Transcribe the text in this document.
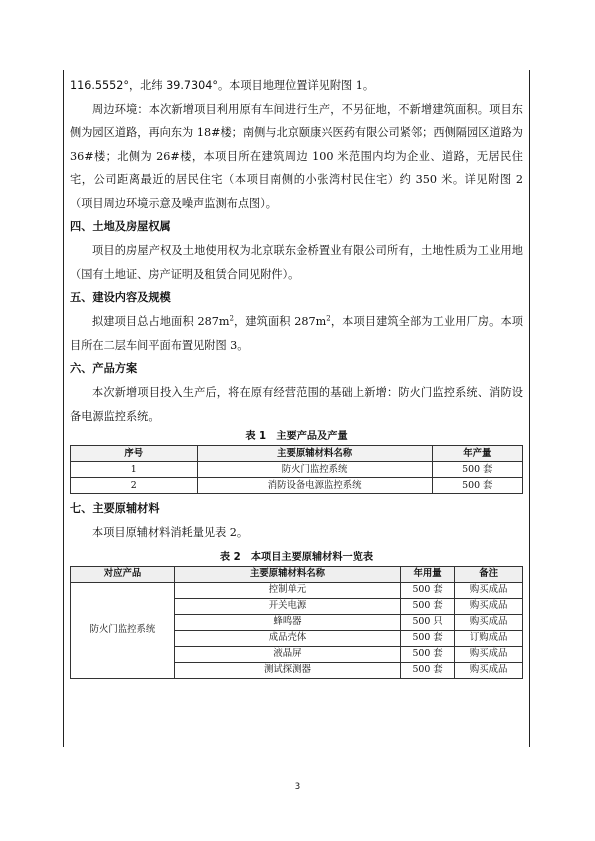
116.5552°，北纬 39.7304°。本项目地理位置详见附图 1。

周边环境：本次新增项目利用原有车间进行生产，不另征地，不新增建筑面积。项目东侧为园区道路，再向东为 18#楼；南侧与北京颐康兴医药有限公司紧邻；西侧隔园区道路为 36#楼；北侧为 26#楼，本项目所在建筑周边 100 米范围内均为企业、道路，无居民住宅，公司距离最近的居民住宅（本项目南侧的小张湾村民住宅）约 350 米。详见附图 2（项目周边环境示意及噪声监测布点图）。

四、土地及房屋权属

项目的房屋产权及土地使用权为北京联东金桥置业有限公司所有，土地性质为工业用地（国有土地证、房产证明及租赁合同见附件）。

五、建设内容及规模

拟建项目总占地面积 $287m^2$，建筑面积 $287m^2$，本项目建筑全部为工业用厂房。本项目所在二层车间平面布置见附图 3。

六、产品方案

本次新增项目投入生产后，将在原有经营范围的基础上新增：防火门监控系统、消防设备电源监控系统。

表 1　主要产品及产量
序号	主要原辅材料名称	年产量
1	防火门监控系统	500 套
2	消防设备电源监控系统	500 套
七、主要原辅材料

本项目原辅材料消耗量见表 2。

表 2　本项目主要原辅材料一览表
对应产品	主要原辅材料名称	年用量	备注
防火门监控系统	控制单元	500 套	购买成品
	开关电源	500 套	购买成品
	蜂鸣器	500 只	购买成品
	成品壳体	500 套	订购成品
	液晶屏	500 套	购买成品
	测试探测器	500 套	购买成品
3
